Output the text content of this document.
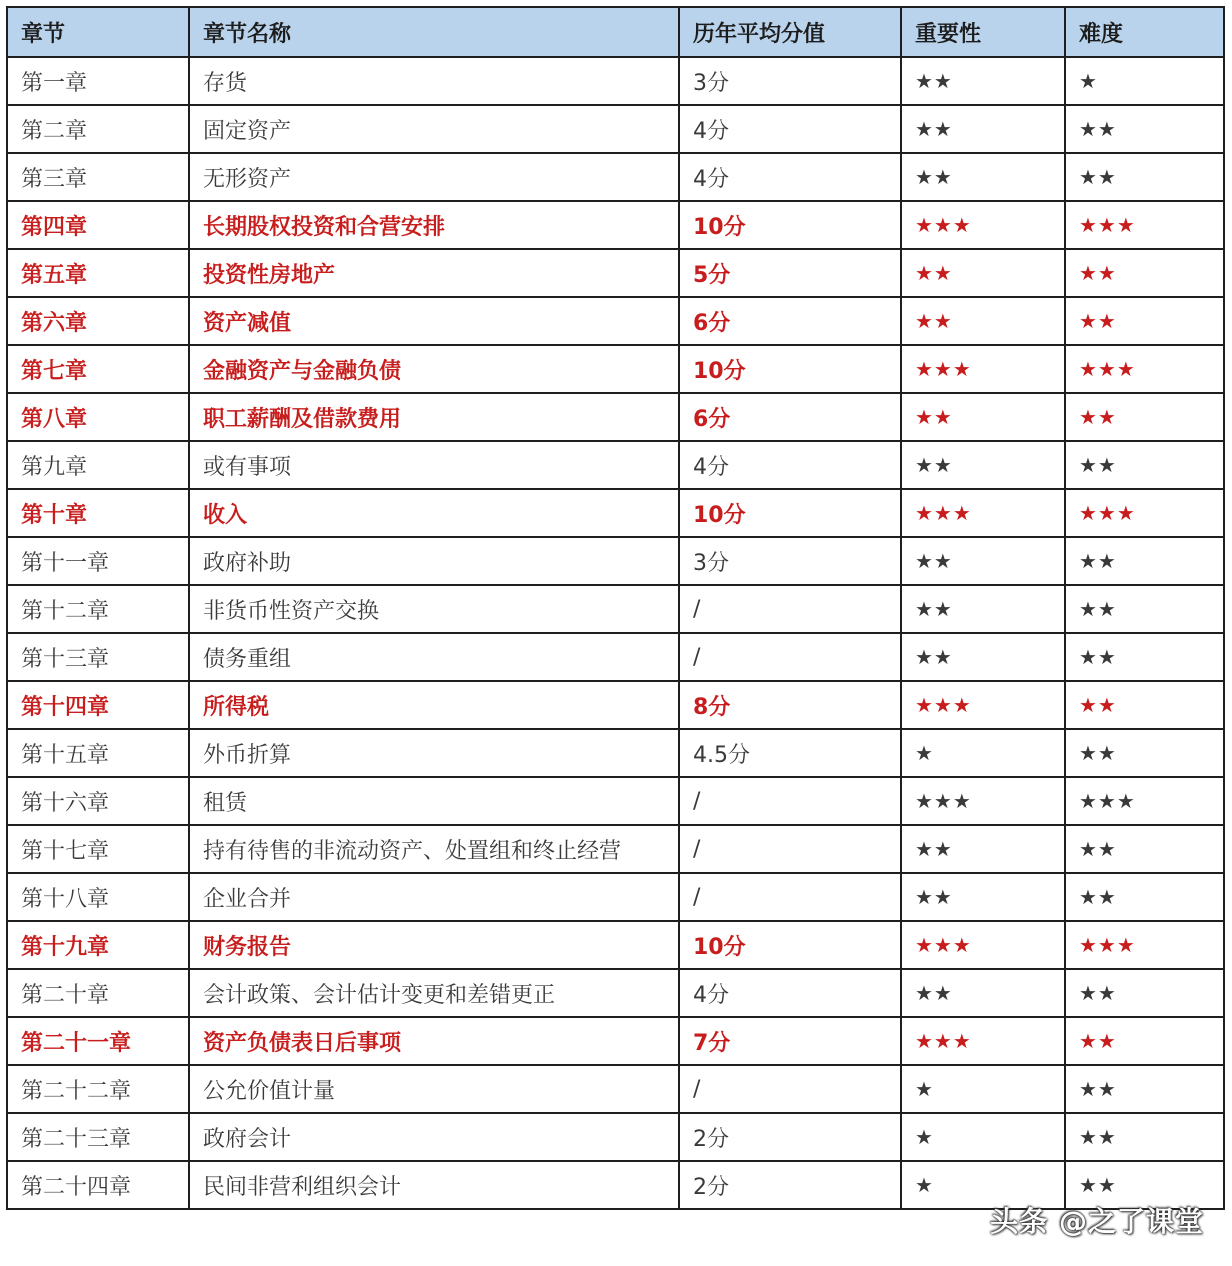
章节	章节名称	历年平均分值	重要性	难度
第一章	存货	3分	★★	★
第二章	固定资产	4分	★★	★★
第三章	无形资产	4分	★★	★★
第四章	长期股权投资和合营安排	10分	★★★	★★★
第五章	投资性房地产	5分	★★	★★
第六章	资产减值	6分	★★	★★
第七章	金融资产与金融负债	10分	★★★	★★★
第八章	职工薪酬及借款费用	6分	★★	★★
第九章	或有事项	4分	★★	★★
第十章	收入	10分	★★★	★★★
第十一章	政府补助	3分	★★	★★
第十二章	非货币性资产交换	/	★★	★★
第十三章	债务重组	/	★★	★★
第十四章	所得税	8分	★★★	★★
第十五章	外币折算	4.5分	★	★★
第十六章	租赁	/	★★★	★★★
第十七章	持有待售的非流动资产、处置组和终止经营	/	★★	★★
第十八章	企业合并	/	★★	★★
第十九章	财务报告	10分	★★★	★★★
第二十章	会计政策、会计估计变更和差错更正	4分	★★	★★
第二十一章	资产负债表日后事项	7分	★★★	★★
第二十二章	公允价值计量	/	★	★★
第二十三章	政府会计	2分	★	★★
第二十四章	民间非营利组织会计	2分	★	★★
头条 @之了课堂
